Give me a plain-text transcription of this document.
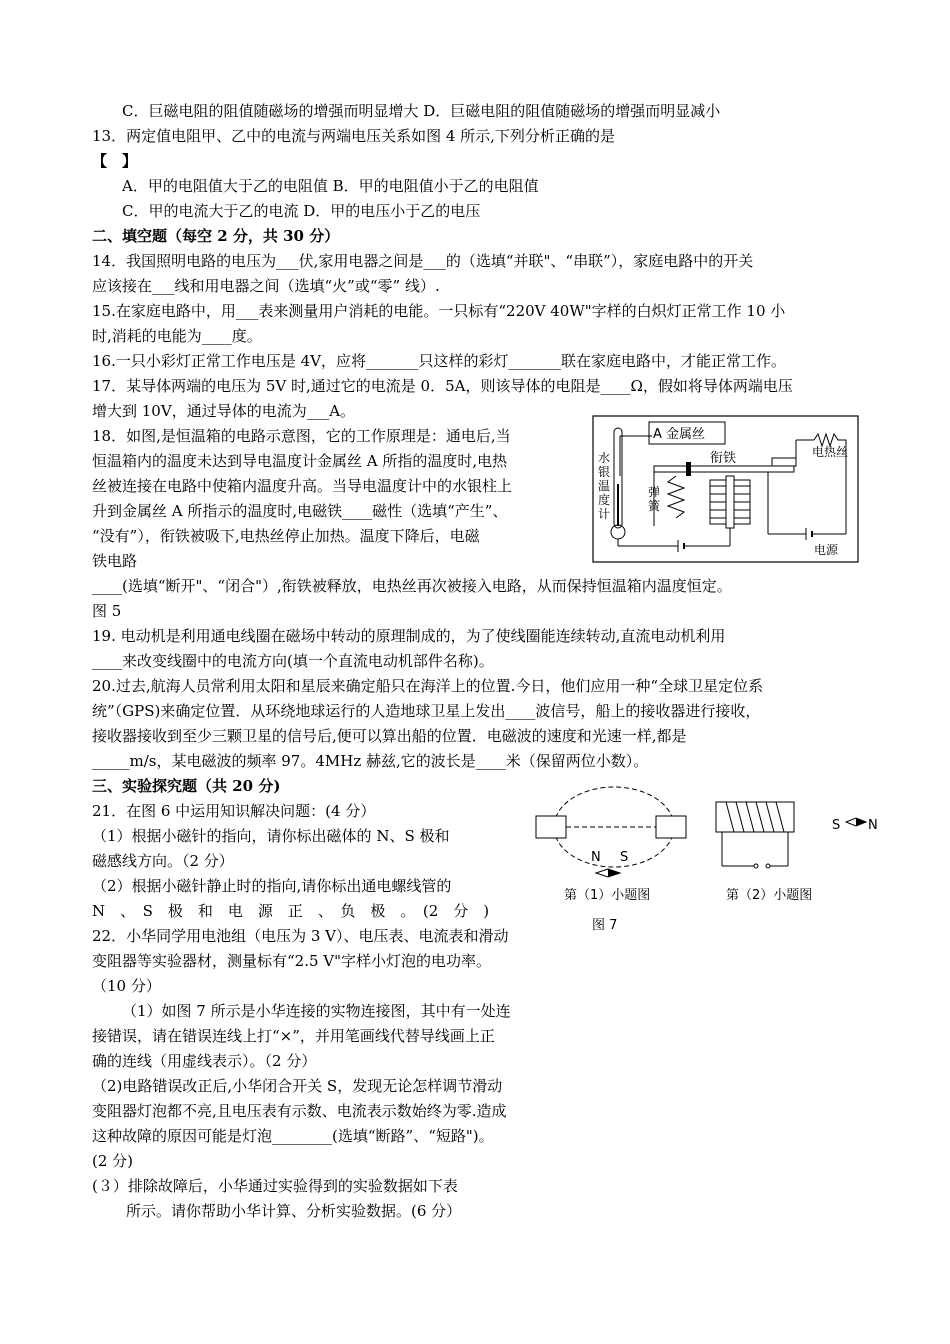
C．巨磁电阻的阻值随磁场的增强而明显增大 D．巨磁电阻的阻值随磁场的增强而明显减小
13．两定值电阻甲、乙中的电流与两端电压关系如图 4 所示,下列分析正确的是
【　】
A．甲的电阻值大于乙的电阻值 B．甲的电阻值小于乙的电阻值
C．甲的电流大于乙的电流 D．甲的电压小于乙的电压
二、填空题（每空 2 分，共 30 分）
14．我国照明电路的电压为___伏,家用电器之间是___的（选填“并联"、“串联”），家庭电路中的开关
应该接在___线和用电器之间（选填“火”或“零” 线）.
15.在家庭电路中，用___表来测量用户消耗的电能。一只标有“220V 40W"字样的白炽灯正常工作 10 小
时,消耗的电能为____度。
16.一只小彩灯正常工作电压是 4V，应将_______只这样的彩灯_______联在家庭电路中，才能正常工作。
17．某导体两端的电压为 5V 时,通过它的电流是 0．5A，则该导体的电阻是____Ω，假如将导体两端电压
增大到 10V，通过导体的电流为___A。
18．如图,是恒温箱的电路示意图，它的工作原理是：通电后,当
恒温箱内的温度未达到导电温度计金属丝 A 所指的温度时,电热
丝被连接在电路中使箱内温度升高。当导电温度计中的水银柱上
升到金属丝 A 所指示的温度时,电磁铁____磁性（选填“产生”、
“没有”），衔铁被吸下,电热丝停止加热。温度下降后，电磁
铁电路
____(选填“断开"、“闭合"）,衔铁被释放，电热丝再次被接入电路，从而保持恒温箱内温度恒定。
图 5
19. 电动机是利用通电线圈在磁场中转动的原理制成的，为了使线圈能连续转动,直流电动机利用
____来改变线圈中的电流方向(填一个直流电动机部件名称)。
20.过去,航海人员常利用太阳和星辰来确定船只在海洋上的位置.今日，他们应用一种“全球卫星定位系
统”（GPS)来确定位置．从环绕地球运行的人造地球卫星上发出____波信号，船上的接收器进行接收，
接收器接收到至少三颗卫星的信号后,便可以算出船的位置．电磁波的速度和光速一样,都是
_____m/s，某电磁波的频率 97。4MHz 赫兹,它的波长是____米（保留两位小数）。
三、实验探究题（共 20 分)
21．在图 6 中运用知识解决问题：(4 分）
（1）根据小磁针的指向，请你标出磁体的 N、S 极和
磁感线方向。（2 分）
（2）根据小磁针静止时的指向,请你标出通电螺线管的
N　、　S　极　和　电　源　正　、　负　极　。　(2　分　)
22．小华同学用电池组（电压为 3 V）、电压表、电流表和滑动
变阻器等实验器材，测量标有“2.5 V"字样小灯泡的电功率。
（10 分）
（1）如图 7 所示是小华连接的实物连接图，其中有一处连
接错误，请在错误连线上打“×”，并用笔画线代替导线画上正
确的连线（用虚线表示）。（2 分）
（2)电路错误改正后,小华闭合开关 S，发现无论怎样调节滑动
变阻器灯泡都不亮,且电压表有示数、电流表示数始终为零.造成
这种故障的原因可能是灯泡________(选填“断路”、“短路")。
(2 分)
(３）排除故障后，小华通过实验得到的实验数据如下表
所示。请你帮助小华计算、分析实验数据。(6 分）
A 金属丝
水
银
温
度
计
衔铁	电热丝
弹
簧
电源
N S
S N
第（1）小题图	第（2）小题图
图 7
